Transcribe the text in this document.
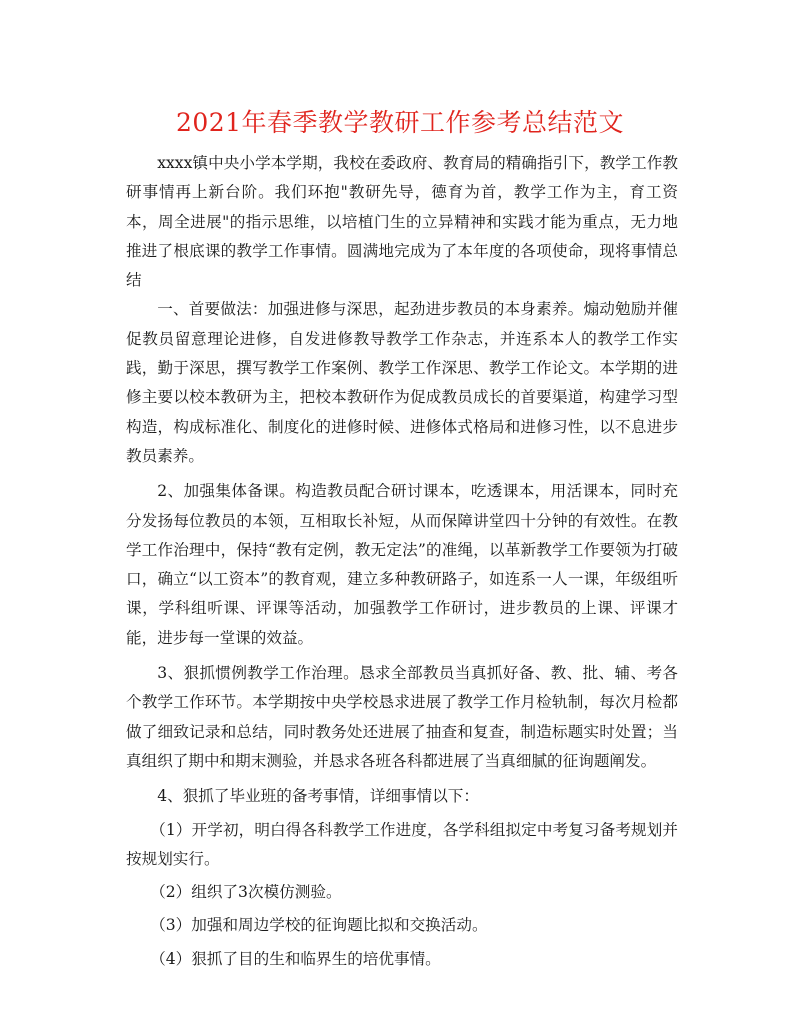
2021年春季教学教研工作参考总结范文

xxxx镇中央小学本学期，我校在委政府、教育局的精确指引下，教学工作教研事情再上新台阶。我们环抱"教研先导，德育为首，教学工作为主，育工资本，周全进展"的指示思维，以培植门生的立异精神和实践才能为重点，无力地推进了根底课的教学工作事情。圆满地完成为了本年度的各项使命，现将事情总结

一、首要做法：加强进修与深思，起劲进步教员的本身素养。煽动勉励并催促教员留意理论进修，自发进修教导教学工作杂志，并连系本人的教学工作实践，勤于深思，撰写教学工作案例、教学工作深思、教学工作论文。本学期的进修主要以校本教研为主，把校本教研作为促成教员成长的首要渠道，构建学习型构造，构成标准化、制度化的进修时候、进修体式格局和进修习性，以不息进步教员素养。

2、加强集体备课。构造教员配合研讨课本，吃透课本，用活课本，同时充分发扬每位教员的本领，互相取长补短，从而保障讲堂四十分钟的有效性。在教学工作治理中，保持“教有定例，教无定法”的准绳，以革新教学工作要领为打破口，确立“以工资本”的教育观，建立多种教研路子，如连系一人一课，年级组听课，学科组听课、评课等活动，加强教学工作研讨，进步教员的上课、评课才能，进步每一堂课的效益。

3、狠抓惯例教学工作治理。恳求全部教员当真抓好备、教、批、辅、考各个教学工作环节。本学期按中央学校恳求进展了教学工作月检轨制，每次月检都做了细致记录和总结，同时教务处还进展了抽查和复查，制造标题实时处置；当真组织了期中和期末测验，并恳求各班各科都进展了当真细腻的征询题阐发。

4、狠抓了毕业班的备考事情，详细事情以下：

（1）开学初，明白得各科教学工作进度，各学科组拟定中考复习备考规划并按规划实行。

（2）组织了3次模仿测验。

（3）加强和周边学校的征询题比拟和交换活动。

（4）狠抓了目的生和临界生的培优事情。
